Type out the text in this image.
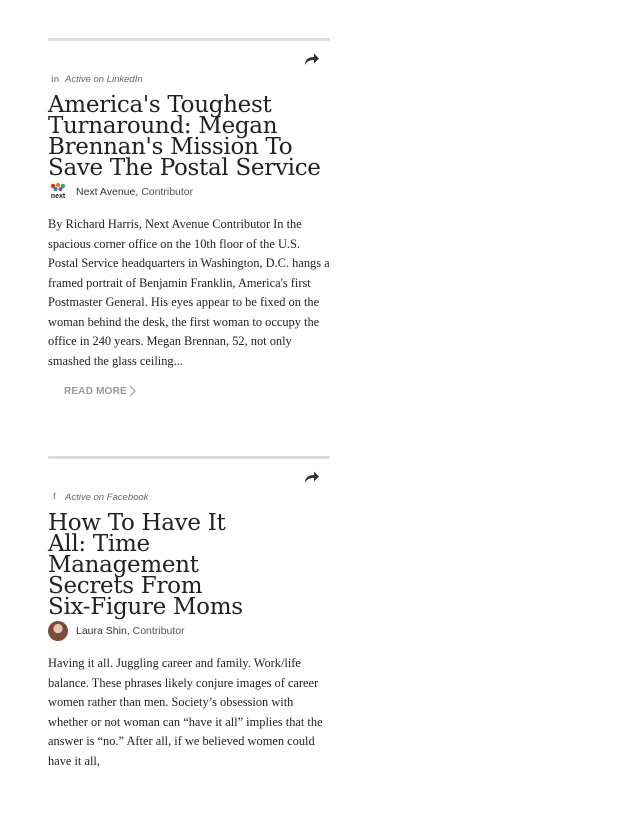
in Active on LinkedIn
America's Toughest Turnaround: Megan Brennan's Mission To Save The Postal Service
next Next Avenue, Contributor
By Richard Harris, Next Avenue Contributor In the spacious corner office on the 10th floor of the U.S. Postal Service headquarters in Washington, D.C. hangs a framed portrait of Benjamin Franklin, America's first Postmaster General. His eyes appear to be fixed on the woman behind the desk, the first woman to occupy the office in 240 years. Megan Brennan, 52, not only smashed the glass ceiling...
READ MORE
f Active on Facebook
How To Have It All: Time Management Secrets From Six-Figure Moms
Laura Shin, Contributor
Having it all. Juggling career and family. Work/life balance. These phrases likely conjure images of career women rather than men. Society’s obsession with whether or not woman can “have it all” implies that the answer is “no.” After all, if we believed women could have it all,
